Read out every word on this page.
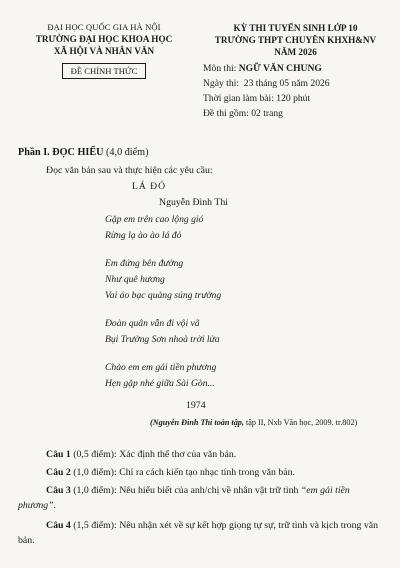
ĐẠI HỌC QUỐC GIA HÀ NỘI
TRƯỜNG ĐẠI HỌC KHOA HỌC
XÃ HỘI VÀ NHÂN VĂN
ĐỀ CHÍNH THỨC
KỲ THI TUYỂN SINH LỚP 10
TRƯỜNG THPT CHUYÊN KHXH&NV
NĂM 2026
Môn thi: NGỮ VĂN CHUNG
Ngày thi: 23 tháng 05 năm 2026
Thời gian làm bài: 120 phút
Đề thi gồm: 02 trang
Phần I. ĐỌC HIỂU (4,0 điểm)
Đọc văn bản sau và thực hiện các yêu cầu:
LÁ ĐỎ
Nguyễn Đình Thi
Gặp em trên cao lộng gió
Rừng lạ ào ào lá đỏ
Em đứng bên đường
Như quê hương
Vai áo bạc quàng súng trường
Đoàn quân vẫn đi vội vã
Bụi Trường Sơn nhoà trời lửa
Chào em em gái tiền phương
Hẹn gặp nhé giữa Sài Gòn...
1974
(Nguyễn Đình Thi toàn tập, tập II, Nxb Văn học, 2009. tr.802)
Câu 1 (0,5 điểm): Xác định thể thơ của văn bản.
Câu 2 (1,0 điểm): Chỉ ra cách kiến tạo nhạc tính trong văn bản.
Câu 3 (1,0 điểm): Nêu hiểu biết của anh/chị về nhân vật trữ tình “em gái tiền phương”.
Câu 4 (1,5 điểm): Nêu nhận xét về sự kết hợp giọng tự sự, trữ tình và kịch trong văn bản.
